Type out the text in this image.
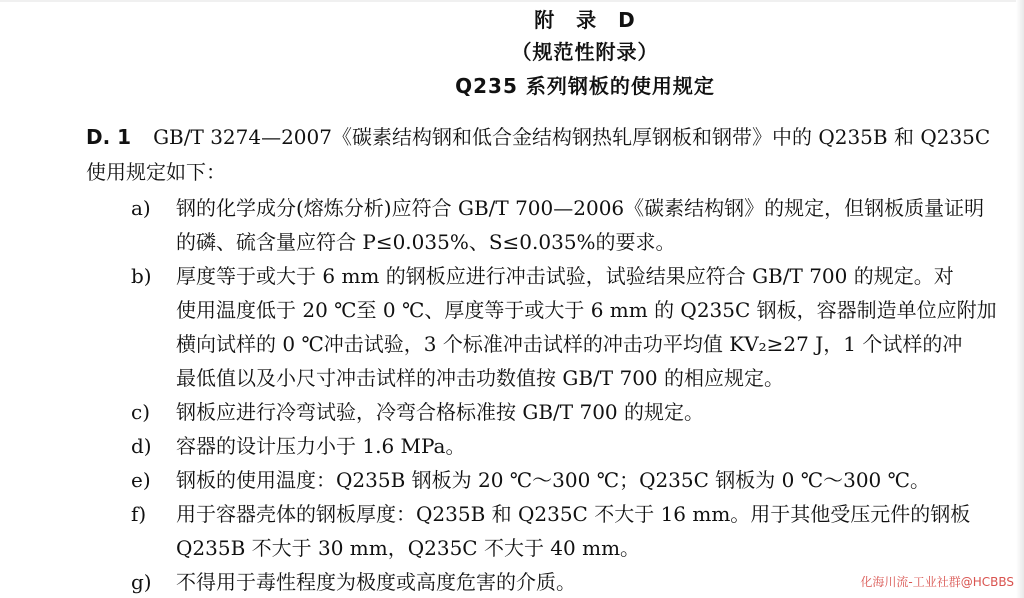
附　录　D
（规范性附录）
Q235 系列钢板的使用规定
D. 1 GB/T 3274—2007《碳素结构钢和低合金结构钢热轧厚钢板和钢带》中的 Q235B 和 Q235C
使用规定如下：
a) 钢的化学成分(熔炼分析)应符合 GB/T 700—2006《碳素结构钢》的规定，但钢板质量证明
的磷、硫含量应符合 P≤0.035%、S≤0.035%的要求。
b) 厚度等于或大于 6 mm 的钢板应进行冲击试验，试验结果应符合 GB/T 700 的规定。对
使用温度低于 20 ℃至 0 ℃、厚度等于或大于 6 mm 的 Q235C 钢板，容器制造单位应附加
横向试样的 0 ℃冲击试验，3 个标准冲击试样的冲击功平均值 KV₂≥27 J，1 个试样的冲
最低值以及小尺寸冲击试样的冲击功数值按 GB/T 700 的相应规定。
c) 钢板应进行冷弯试验，冷弯合格标准按 GB/T 700 的规定。
d) 容器的设计压力小于 1.6 MPa。
e) 钢板的使用温度：Q235B 钢板为 20 ℃～300 ℃；Q235C 钢板为 0 ℃～300 ℃。
f) 用于容器壳体的钢板厚度：Q235B 和 Q235C 不大于 16 mm。用于其他受压元件的钢板
Q235B 不大于 30 mm，Q235C 不大于 40 mm。
g) 不得用于毒性程度为极度或高度危害的介质。	化海川流-工业社群@HCBBS
